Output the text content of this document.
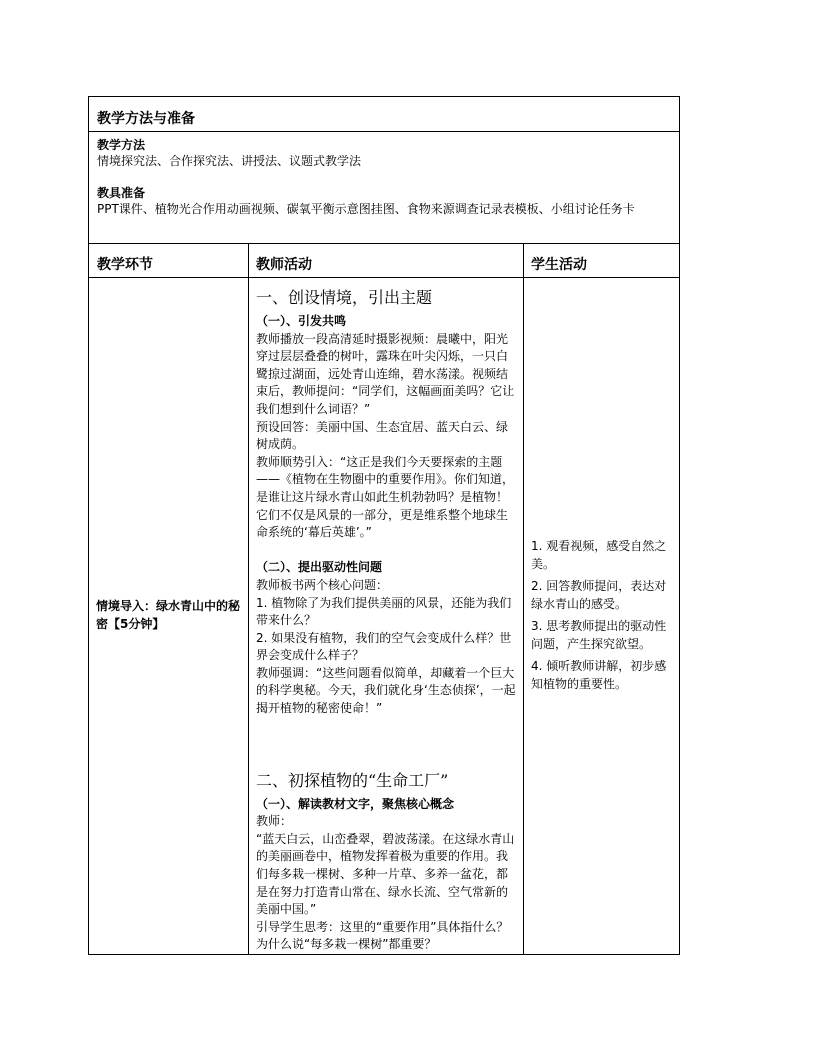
教学方法与准备
教学方法
情境探究法、合作探究法、讲授法、议题式教学法
教具准备
PPT课件、植物光合作用动画视频、碳氧平衡示意图挂图、食物来源调查记录表模板、小组讨论任务卡
教学环节	教师活动	学生活动
情境导入：绿水青山中的秘密【5分钟】

一、创设情境，引出主题

（一）、引发共鸣

教师播放一段高清延时摄影视频：晨曦中，阳光穿过层层叠叠的树叶，露珠在叶尖闪烁，一只白鹭掠过湖面，远处青山连绵，碧水荡漾。视频结束后，教师提问：“同学们，这幅画面美吗？它让我们想到什么词语？”

预设回答：美丽中国、生态宜居、蓝天白云、绿树成荫。

教师顺势引入：“这正是我们今天要探索的主题——《植物在生物圈中的重要作用》。你们知道，是谁让这片绿水青山如此生机勃勃吗？是植物！它们不仅是风景的一部分，更是维系整个地球生命系统的‘幕后英雄’。”

（二）、提出驱动性问题

教师板书两个核心问题：

1. 植物除了为我们提供美丽的风景，还能为我们带来什么？

2. 如果没有植物，我们的空气会变成什么样？世界会变成什么样子？

教师强调：“这些问题看似简单，却藏着一个巨大的科学奥秘。今天，我们就化身‘生态侦探’，一起揭开植物的秘密使命！”

二、初探植物的“生命工厂”

（一）、解读教材文字，聚焦核心概念

教师：

“蓝天白云，山峦叠翠，碧波荡漾。在这绿水青山的美丽画卷中，植物发挥着极为重要的作用。我们每多栽一棵树、多种一片草、多养一盆花，都是在努力打造青山常在、绿水长流、空气常新的美丽中国。”

引导学生思考：这里的“重要作用”具体指什么？为什么说“每多栽一棵树”都重要？

1. 观看视频，感受自然之美。

2. 回答教师提问，表达对绿水青山的感受。

3. 思考教师提出的驱动性问题，产生探究欲望。

4. 倾听教师讲解，初步感知植物的重要性。
